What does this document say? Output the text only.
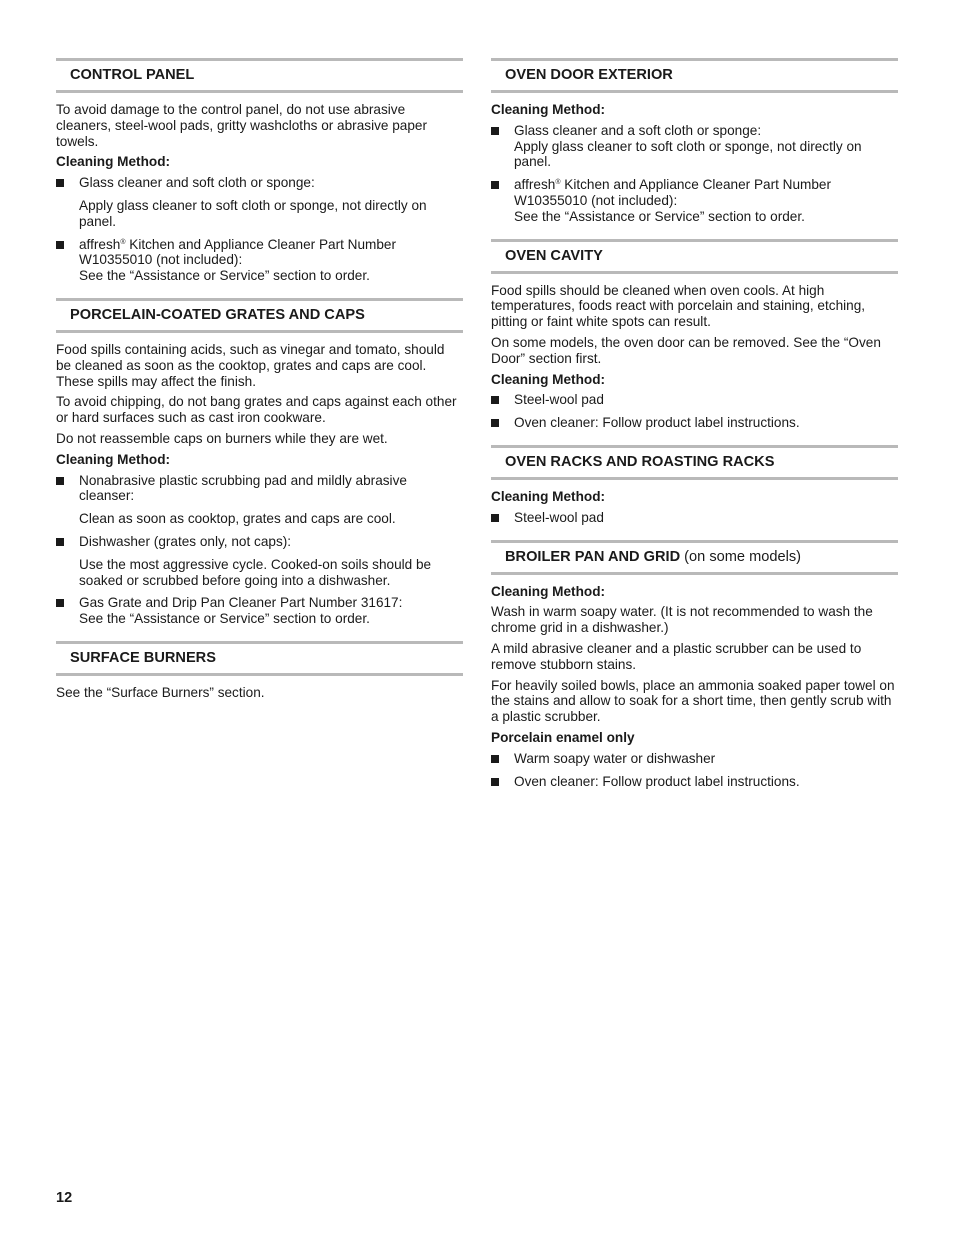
CONTROL PANEL

To avoid damage to the control panel, do not use abrasive cleaners, steel-wool pads, gritty washcloths or abrasive paper towels.

Cleaning Method:

Glass cleaner and soft cloth or sponge:
Apply glass cleaner to soft cloth or sponge, not directly on panel.
affresh® Kitchen and Appliance Cleaner Part Number W10355010 (not included):
See the “Assistance or Service” section to order.
PORCELAIN-COATED GRATES AND CAPS

Food spills containing acids, such as vinegar and tomato, should be cleaned as soon as the cooktop, grates and caps are cool. These spills may affect the finish.

To avoid chipping, do not bang grates and caps against each other or hard surfaces such as cast iron cookware.

Do not reassemble caps on burners while they are wet.

Cleaning Method:

Nonabrasive plastic scrubbing pad and mildly abrasive cleanser:
Clean as soon as cooktop, grates and caps are cool.
Dishwasher (grates only, not caps):
Use the most aggressive cycle. Cooked-on soils should be soaked or scrubbed before going into a dishwasher.
Gas Grate and Drip Pan Cleaner Part Number 31617:
See the “Assistance or Service” section to order.
SURFACE BURNERS

See the “Surface Burners” section.

OVEN DOOR EXTERIOR

Cleaning Method:

Glass cleaner and a soft cloth or sponge:
Apply glass cleaner to soft cloth or sponge, not directly on panel.
affresh® Kitchen and Appliance Cleaner Part Number W10355010 (not included):
See the “Assistance or Service” section to order.
OVEN CAVITY

Food spills should be cleaned when oven cools. At high temperatures, foods react with porcelain and staining, etching, pitting or faint white spots can result.

On some models, the oven door can be removed. See the “Oven Door” section first.

Cleaning Method:

Steel-wool pad
Oven cleaner: Follow product label instructions.
OVEN RACKS AND ROASTING RACKS

Cleaning Method:

Steel-wool pad
BROILER PAN AND GRID (on some models)

Cleaning Method:

Wash in warm soapy water. (It is not recommended to wash the chrome grid in a dishwasher.)

A mild abrasive cleaner and a plastic scrubber can be used to remove stubborn stains.

For heavily soiled bowls, place an ammonia soaked paper towel on the stains and allow to soak for a short time, then gently scrub with a plastic scrubber.

Porcelain enamel only

Warm soapy water or dishwasher
Oven cleaner: Follow product label instructions.
12
